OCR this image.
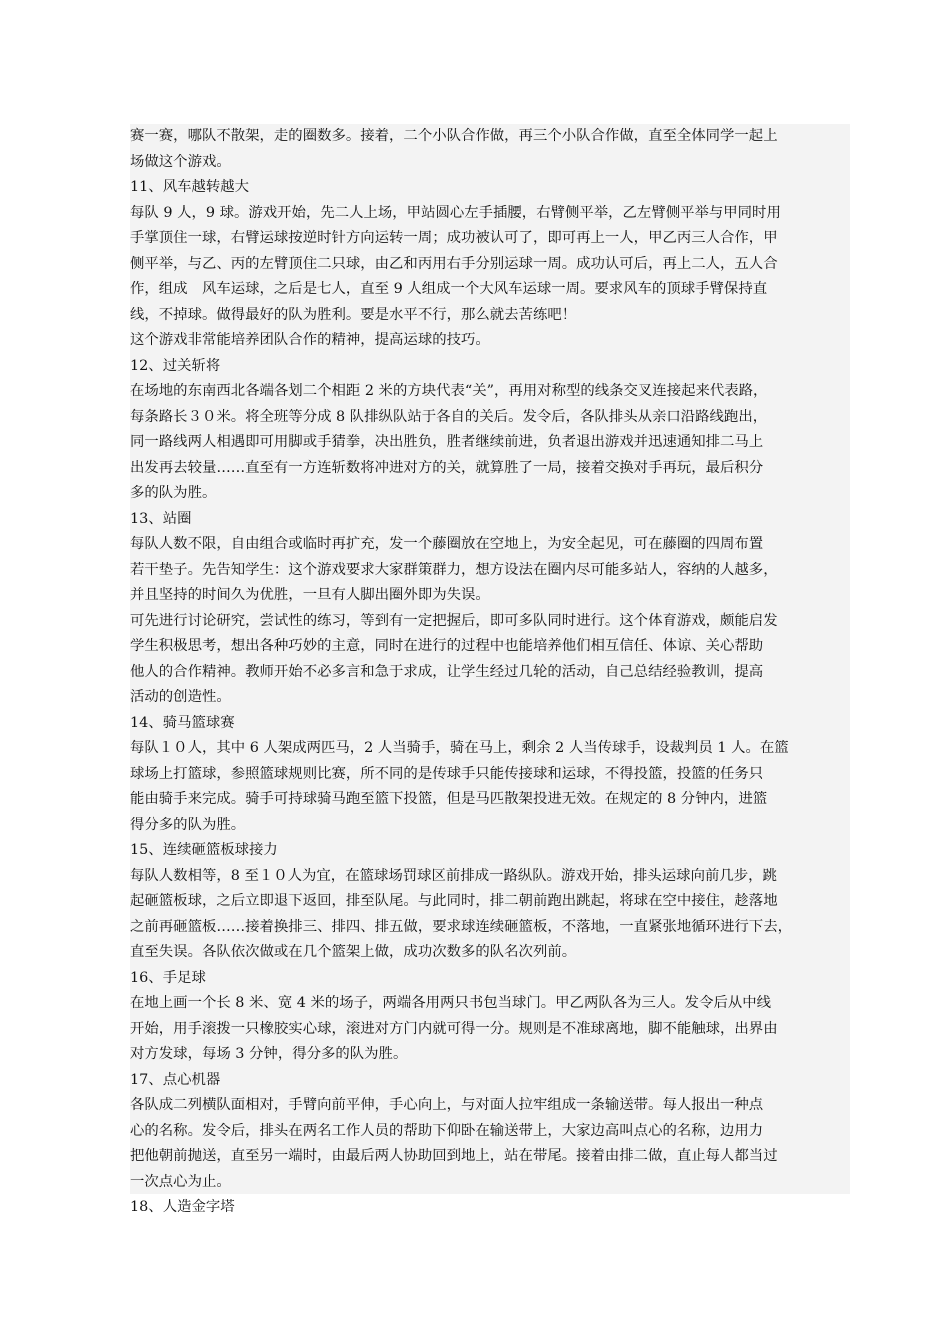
赛一赛，哪队不散架，走的圈数多。接着，二个小队合作做，再三个小队合作做，直至全体同学一起上
场做这个游戏。
11、风车越转越大
每队 9 人，9 球。游戏开始，先二人上场，甲站圆心左手插腰，右臂侧平举，乙左臂侧平举与甲同时用
手掌顶住一球，右臂运球按逆时针方向运转一周；成功被认可了，即可再上一人，甲乙丙三人合作，甲
侧平举，与乙、丙的左臂顶住二只球，由乙和丙用右手分别运球一周。成功认可后，再上二人，五人合
作，组成　风车运球，之后是七人，直至 9 人组成一个大风车运球一周。要求风车的顶球手臂保持直
线，不掉球。做得最好的队为胜利。要是水平不行，那么就去苦练吧！
这个游戏非常能培养团队合作的精神，提高运球的技巧。
12、过关斩将
在场地的东南西北各端各划二个相距 2 米的方块代表“关”，再用对称型的线条交叉连接起来代表路，
每条路长３０米。将全班等分成 8 队排纵队站于各自的关后。发令后，各队排头从亲口沿路线跑出，
同一路线两人相遇即可用脚或手猜拳，决出胜负，胜者继续前进，负者退出游戏并迅速通知排二马上
出发再去较量……直至有一方连斩数将冲进对方的关，就算胜了一局，接着交换对手再玩，最后积分
多的队为胜。
13、站圈
每队人数不限，自由组合或临时再扩充，发一个藤圈放在空地上，为安全起见，可在藤圈的四周布置
若干垫子。先告知学生：这个游戏要求大家群策群力，想方设法在圈内尽可能多站人，容纳的人越多，
并且坚持的时间久为优胜，一旦有人脚出圈外即为失误。
可先进行讨论研究，尝试性的练习，等到有一定把握后，即可多队同时进行。这个体育游戏，颇能启发
学生积极思考，想出各种巧妙的主意，同时在进行的过程中也能培养他们相互信任、体谅、关心帮助
他人的合作精神。教师开始不必多言和急于求成，让学生经过几轮的活动，自己总结经验教训，提高
活动的创造性。
14、骑马篮球赛
每队１０人，其中 6 人架成两匹马，2 人当骑手，骑在马上，剩余 2 人当传球手，设裁判员 1 人。在篮
球场上打篮球，参照篮球规则比赛，所不同的是传球手只能传接球和运球，不得投篮，投篮的任务只
能由骑手来完成。骑手可持球骑马跑至篮下投篮，但是马匹散架投进无效。在规定的 8 分钟内，进篮
得分多的队为胜。
15、连续砸篮板球接力
每队人数相等，8 至１０人为宜，在篮球场罚球区前排成一路纵队。游戏开始，排头运球向前几步，跳
起砸篮板球，之后立即退下返回，排至队尾。与此同时，排二朝前跑出跳起，将球在空中接住，趁落地
之前再砸篮板……接着换排三、排四、排五做，要求球连续砸篮板，不落地，一直紧张地循环进行下去，
直至失误。各队依次做或在几个篮架上做，成功次数多的队名次列前。
16、手足球
在地上画一个长 8 米、宽 4 米的场子，两端各用两只书包当球门。甲乙两队各为三人。发令后从中线
开始，用手滚拨一只橡胶实心球，滚进对方门内就可得一分。规则是不准球离地，脚不能触球，出界由
对方发球，每场 3 分钟，得分多的队为胜。
17、点心机器
各队成二列横队面相对，手臂向前平伸，手心向上，与对面人拉牢组成一条输送带。每人报出一种点
心的名称。发令后，排头在两名工作人员的帮助下仰卧在输送带上，大家边高叫点心的名称，边用力
把他朝前抛送，直至另一端时，由最后两人协助回到地上，站在带尾。接着由排二做，直止每人都当过
一次点心为止。
18、人造金字塔
